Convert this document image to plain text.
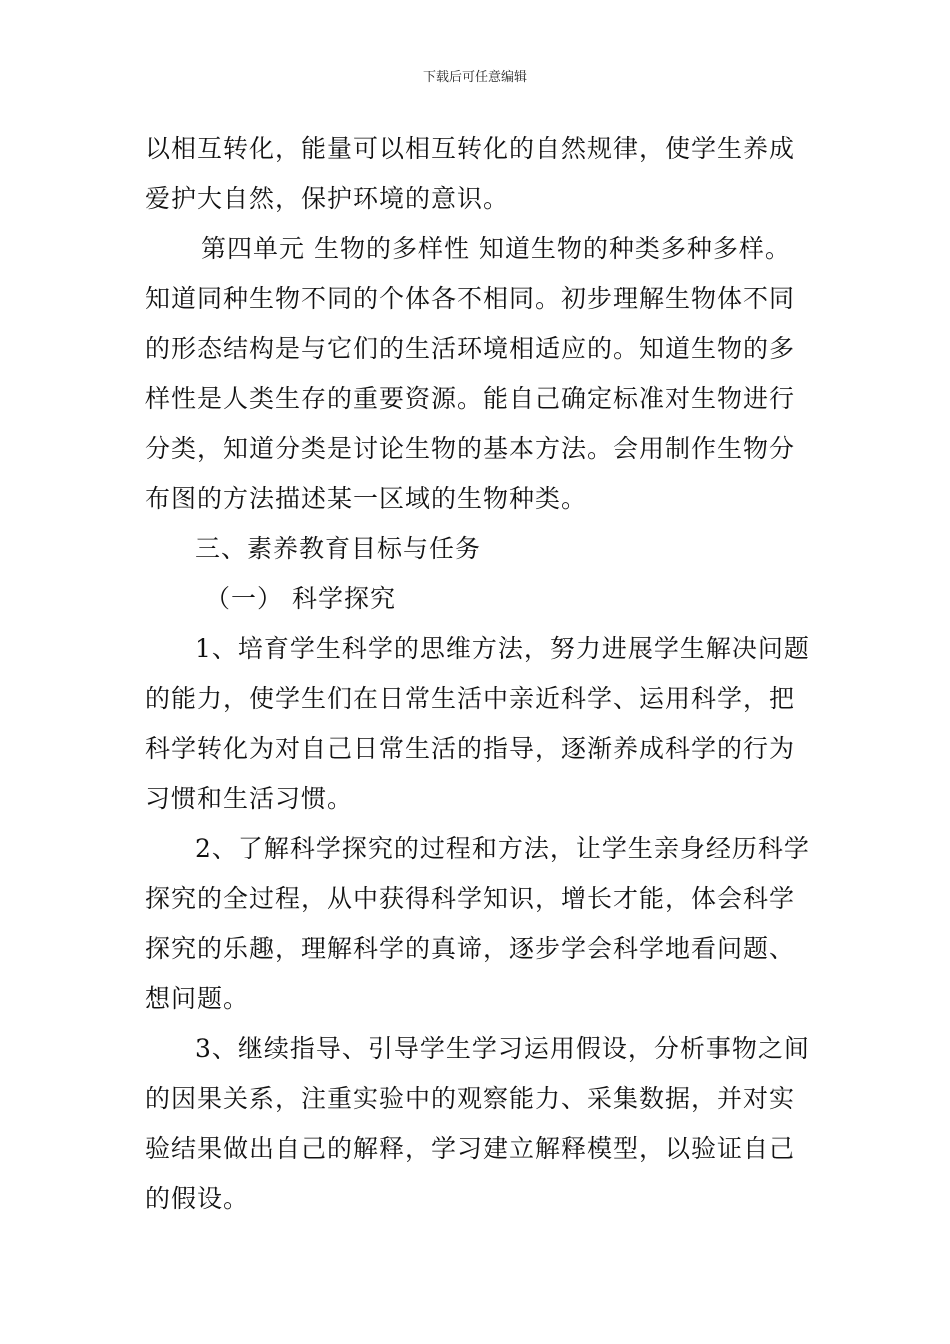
下载后可任意编辑
以相互转化，能量可以相互转化的自然规律，使学生养成
爱护大自然，保护环境的意识。
第四单元 生物的多样性 知道生物的种类多种多样。
知道同种生物不同的个体各不相同。初步理解生物体不同
的形态结构是与它们的生活环境相适应的。知道生物的多
样性是人类生存的重要资源。能自己确定标准对生物进行
分类，知道分类是讨论生物的基本方法。会用制作生物分
布图的方法描述某一区域的生物种类。
三、素养教育目标与任务
（一） 科学探究
1、培育学生科学的思维方法，努力进展学生解决问题
的能力，使学生们在日常生活中亲近科学、运用科学，把
科学转化为对自己日常生活的指导，逐渐养成科学的行为
习惯和生活习惯。
2、了解科学探究的过程和方法，让学生亲身经历科学
探究的全过程，从中获得科学知识，增长才能，体会科学
探究的乐趣，理解科学的真谛，逐步学会科学地看问题、
想问题。
3、继续指导、引导学生学习运用假设，分析事物之间
的因果关系，注重实验中的观察能力、采集数据，并对实
验结果做出自己的解释，学习建立解释模型，以验证自己
的假设。
